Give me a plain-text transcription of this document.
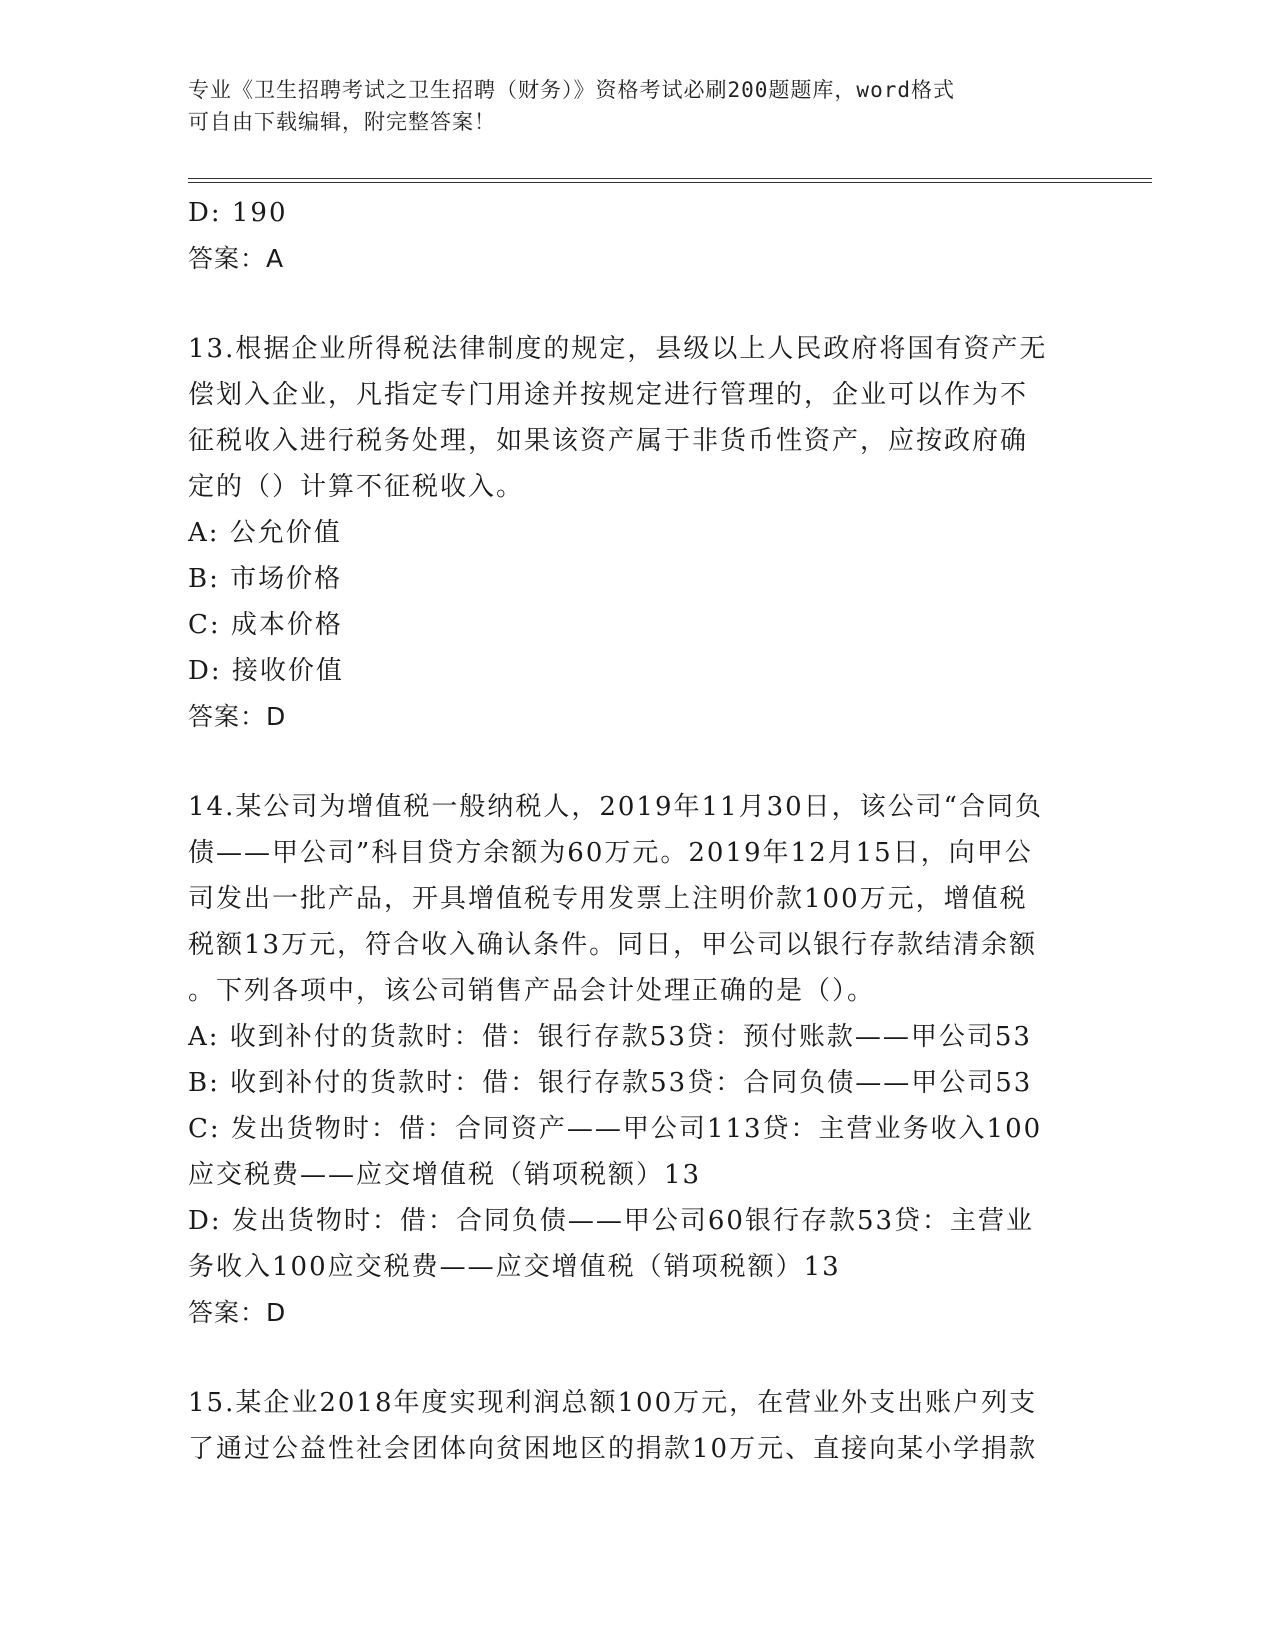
专业《卫生招聘考试之卫生招聘（财务）》资格考试必刷200题题库，word格式
可自由下载编辑，附完整答案！
D: 190
答案：A
13.根据企业所得税法律制度的规定，县级以上人民政府将国有资产无
偿划入企业，凡指定专门用途并按规定进行管理的，企业可以作为不
征税收入进行税务处理，如果该资产属于非货币性资产，应按政府确
定的（）计算不征税收入。
A: 公允价值
B: 市场价格
C: 成本价格
D: 接收价值
答案：D
14.某公司为增值税一般纳税人，2019年11月30日，该公司“合同负
债——甲公司”科目贷方余额为60万元。2019年12月15日，向甲公
司发出一批产品，开具增值税专用发票上注明价款100万元，增值税
税额13万元，符合收入确认条件。同日，甲公司以银行存款结清余额
。下列各项中，该公司销售产品会计处理正确的是（）。
A: 收到补付的货款时：借：银行存款53贷：预付账款——甲公司53
B: 收到补付的货款时：借：银行存款53贷：合同负债——甲公司53
C: 发出货物时：借：合同资产——甲公司113贷：主营业务收入100
应交税费——应交增值税（销项税额）13
D: 发出货物时：借：合同负债——甲公司60银行存款53贷：主营业
务收入100应交税费——应交增值税（销项税额）13
答案：D
15.某企业2018年度实现利润总额100万元，在营业外支出账户列支
了通过公益性社会团体向贫困地区的捐款10万元、直接向某小学捐款
